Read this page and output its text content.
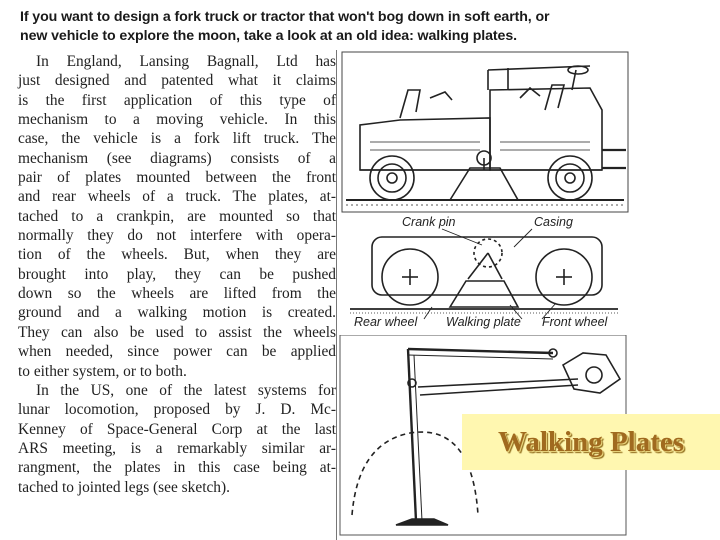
If you want to design a fork truck or tractor that won't bog down in soft earth, or
new vehicle to explore the moon, take a look at an old idea: walking plates.
In England, Lansing Bagnall, Ltd has
just designed and patented what it claims
is the first application of this type of
mechanism to a moving vehicle. In this
case, the vehicle is a fork lift truck. The
mechanism (see diagrams) consists of a
pair of plates mounted between the front
and rear wheels of a truck. The plates, at-
tached to a crankpin, are mounted so that
normally they do not interfere with opera-
tion of the wheels. But, when they are
brought into play, they can be pushed
down so the wheels are lifted from the
ground and a walking motion is created.
They can also be used to assist the wheels
when needed, since power can be applied
to either system, or to both.
In the US, one of the latest systems for
lunar locomotion, proposed by J. D. Mc-
Kenney of Space-General Corp at the last
ARS meeting, is a remarkably similar ar-
rangment, the plates in this case being at-
tached to jointed legs (see sketch).
Crank pin	Casing
Rear wheel Walking plate Front wheel
Walking Plates
